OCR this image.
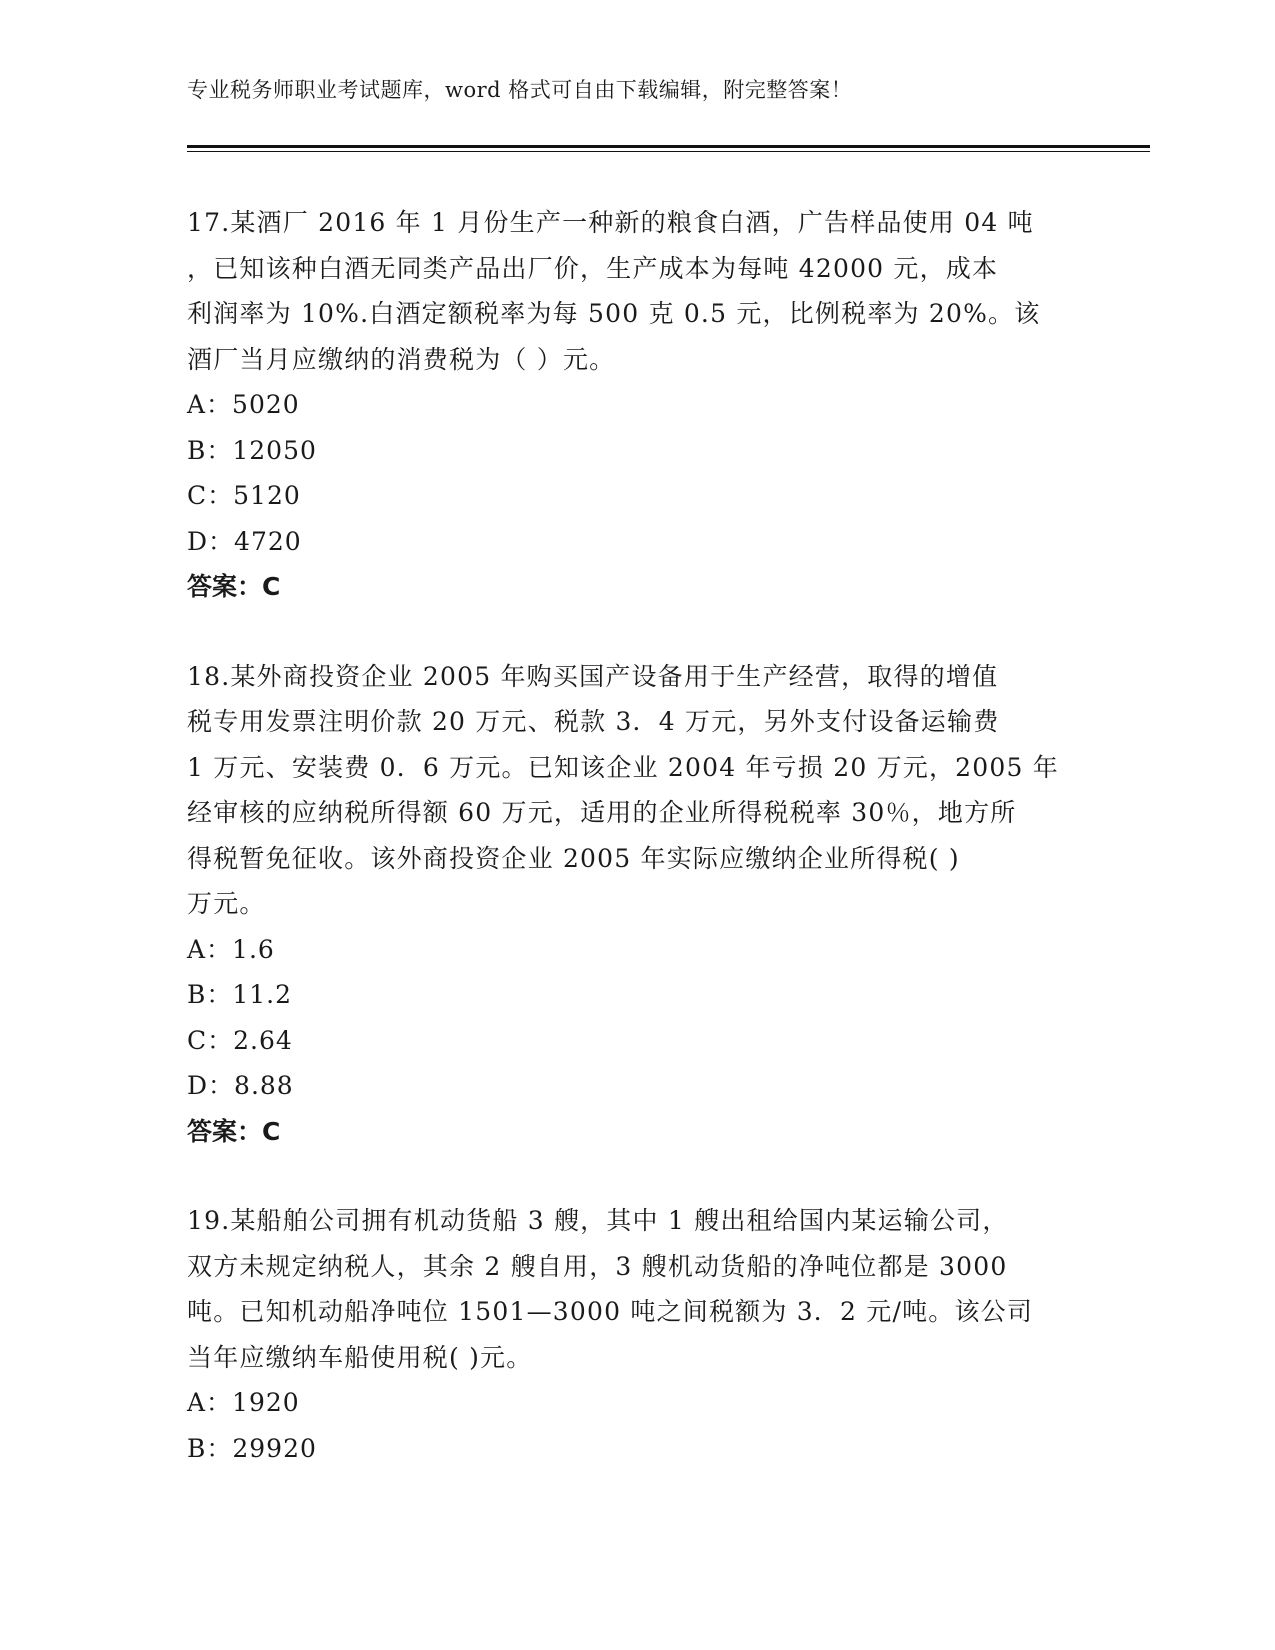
专业税务师职业考试题库，word 格式可自由下载编辑，附完整答案！
17.某酒厂 2016 年 1 月份生产一种新的粮食白酒，广告样品使用 04 吨
，已知该种白酒无同类产品出厂价，生产成本为每吨 42000 元，成本
利润率为 10%.白酒定额税率为每 500 克 0.5 元，比例税率为 20%。该
酒厂当月应缴纳的消费税为（ ）元。
A：5020
B：12050
C：5120
D：4720
答案：C
18.某外商投资企业 2005 年购买国产设备用于生产经营，取得的增值
税专用发票注明价款 20 万元、税款 3．4 万元，另外支付设备运输费
1 万元、安装费 0．6 万元。已知该企业 2004 年亏损 20 万元，2005 年
经审核的应纳税所得额 60 万元，适用的企业所得税税率 30％，地方所
得税暂免征收。该外商投资企业 2005 年实际应缴纳企业所得税( )
万元。
A：1.6
B：11.2
C：2.64
D：8.88
答案：C
19.某船舶公司拥有机动货船 3 艘，其中 1 艘出租给国内某运输公司，
双方未规定纳税人，其余 2 艘自用，3 艘机动货船的净吨位都是 3000
吨。已知机动船净吨位 1501—3000 吨之间税额为 3．2 元/吨。该公司
当年应缴纳车船使用税( )元。
A：1920
B：29920
